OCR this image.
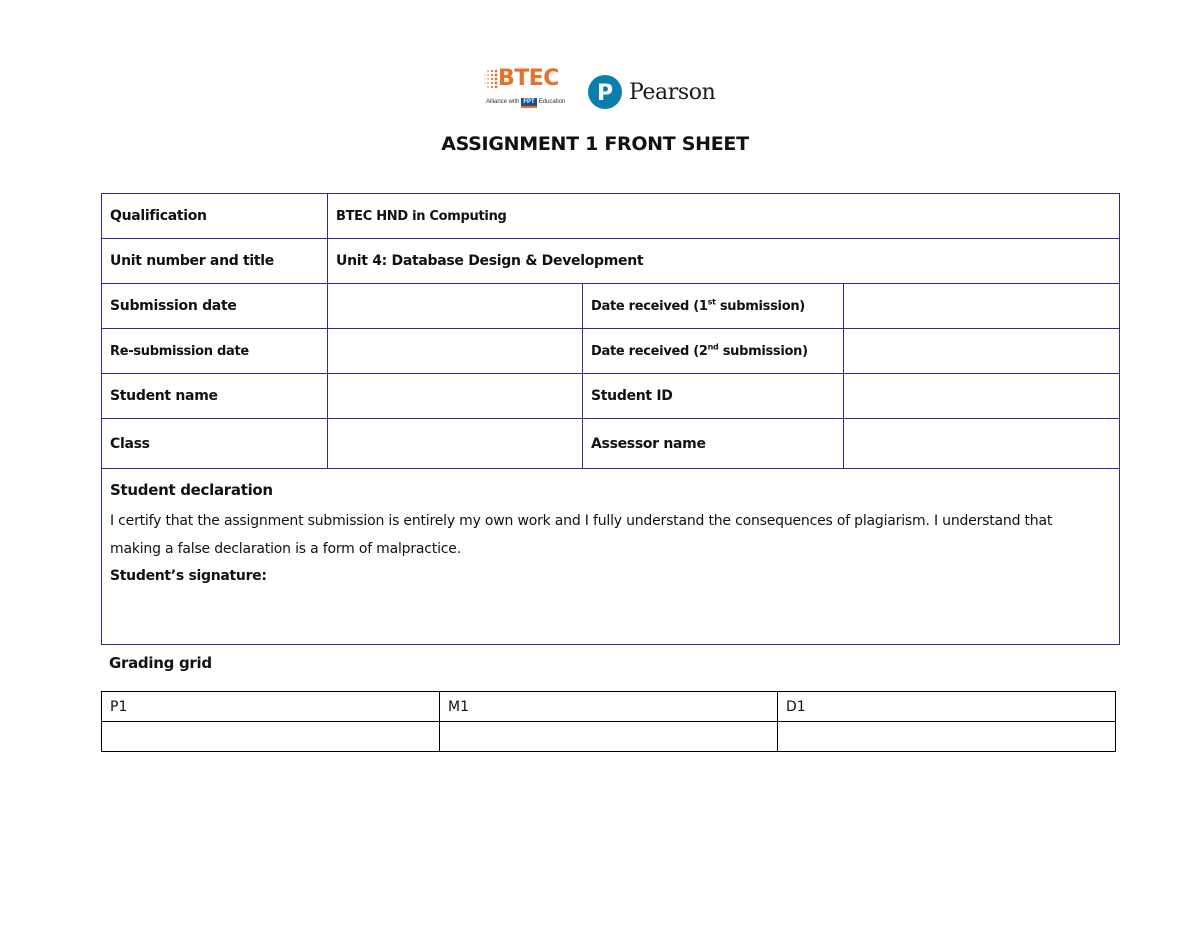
BTEC
Alliance with FPT Education P Pearson
ASSIGNMENT 1 FRONT SHEET
Qualification	BTEC HND in Computing		
Unit number and title	Unit 4: Database Design & Development		
Submission date		Date received (1st submission)	
Re-submission date		Date received (2nd submission)	
Student name		Student ID	
Class		Assessor name	

Student declaration
I certify that the assignment submission is entirely my own work and I fully understand the consequences of plagiarism. I understand that making a false declaration is a form of malpractice.
Student’s signature:			
Grading grid
P1	M1	D1
